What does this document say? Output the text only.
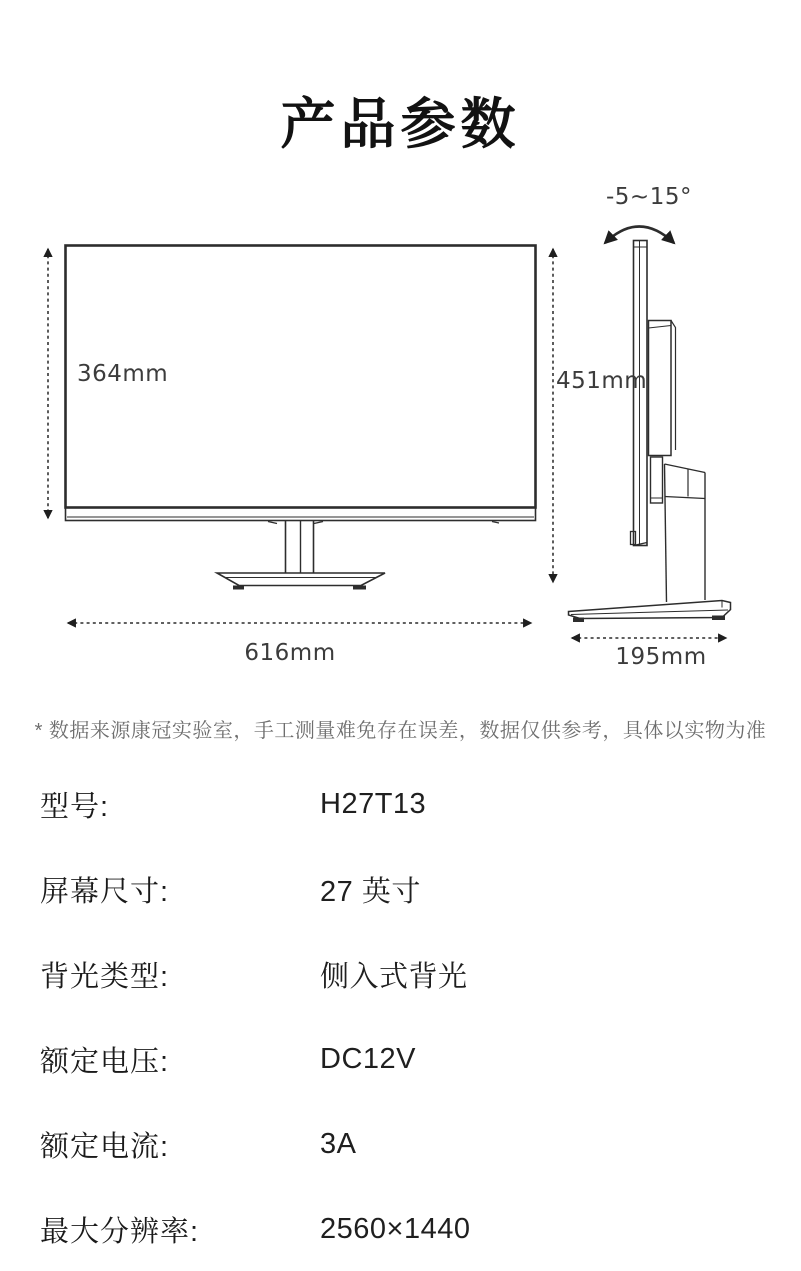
产品参数
364mm
616mm
451mm
195mm
-5~15°

* 数据来源康冠实验室，手工测量难免存在误差，数据仅供参考，具体以实物为准

型号:	H27T13
屏幕尺寸:	27 英寸
背光类型:	侧入式背光
额定电压:	DC12V
额定电流:	3A
最大分辨率:	2560×1440
